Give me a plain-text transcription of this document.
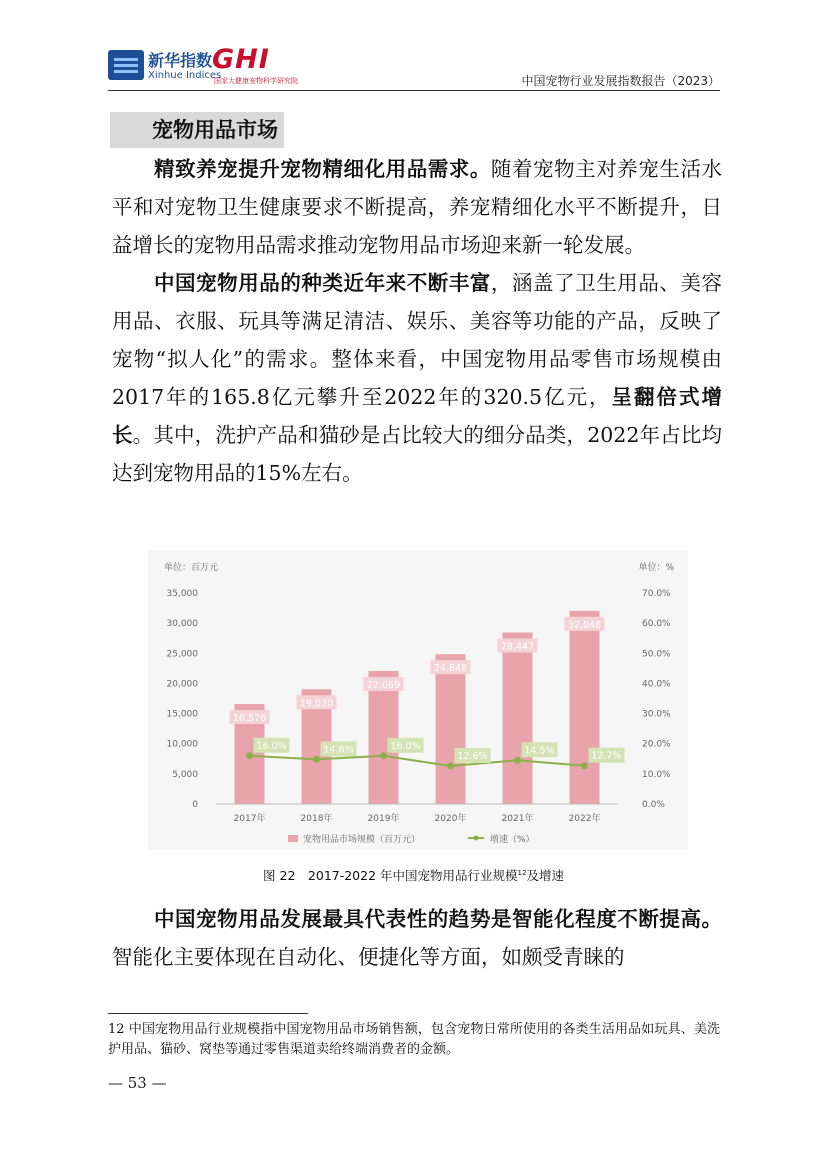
新华指数
Xinhue Indices
GHI
国家大健康宠物科学研究院	中国宠物行业发展指数报告（2023）
宠物用品市场

精致养宠提升宠物精细化用品需求。随着宠物主对养宠生活水平和对宠物卫生健康要求不断提高，养宠精细化水平不断提升，日益增长的宠物用品需求推动宠物用品市场迎来新一轮发展。

中国宠物用品的种类近年来不断丰富，涵盖了卫生用品、美容用品、衣服、玩具等满足清洁、娱乐、美容等功能的产品，反映了宠物“拟人化”的需求。整体来看，中国宠物用品零售市场规模由2017年的165.8亿元攀升至2022年的320.5亿元，呈翻倍式增长。其中，洗护产品和猫砂是占比较大的细分品类，2022年占比均达到宠物用品的15%左右。

单位：百万元	单位：%
0
5,000
10,000
15,000
20,000
25,000
30,000
35,000
0.0%
10.0%
20.0%
30.0%
40.0%
50.0%
60.0%
70.0%
16,576
19,030
22,069
24,848
28,447
32,048
16.0%	14.8%	16.0%
12.6%
14.5%	12.7%
2017年	2018年	2019年	2020年	2021年	2022年
宠物用品市场规模（百万元）	增速（%）
图 22　2017-2022 年中国宠物用品行业规模$^{12}$及增速

中国宠物用品发展最具代表性的趋势是智能化程度不断提高。智能化主要体现在自动化、便捷化等方面，如颇受青睐的

12 中国宠物用品行业规模指中国宠物用品市场销售额，包含宠物日常所使用的各类生活用品如玩具、美洗护用品、猫砂、窝垫等通过零售渠道卖给终端消费者的金额。
— 53 —
